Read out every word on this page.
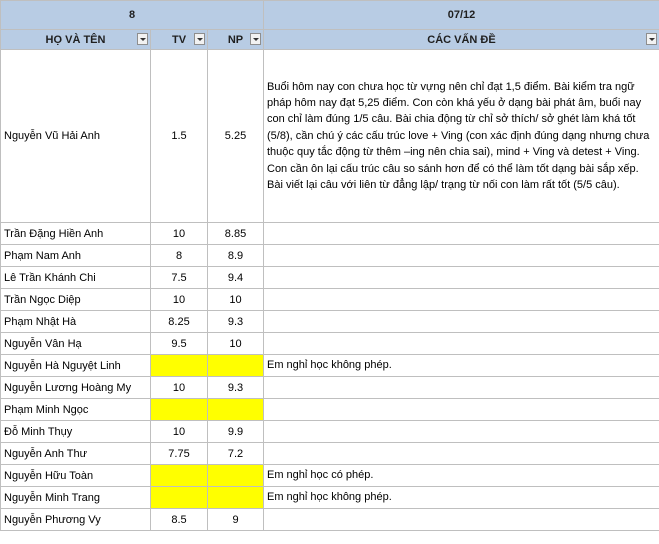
8			07/12
HỌ VÀ TÊN	TV	NP	CÁC VẤN ĐỀ

Nguyễn Vũ Hải Anh	1.5	5.25	Buổi hôm nay con chưa học từ vựng nên chỉ đạt 1,5 điểm. Bài kiểm tra ngữ pháp hôm nay đạt 5,25 điểm. Con còn khá yếu ở dạng bài phát âm, buổi nay con chỉ làm đúng 1/5 câu. Bài chia động từ chỉ sở thích/ sở ghét làm khá tốt (5/8), cần chú ý các cấu trúc love + Ving (con xác định đúng dạng nhưng chưa thuộc quy tắc động từ thêm –ing nên chia sai), mind + Ving và detest + Ving. Con cần ôn lại cấu trúc câu so sánh hơn để có thể làm tốt dạng bài sắp xếp. Bài viết lại câu với liên từ đẳng lập/ trạng từ nối con làm rất tốt (5/5 câu).
Trần Đặng Hiền Anh	10	8.85	
Phạm Nam Anh	8	8.9	
Lê Trần Khánh Chi	7.5	9.4	
Trần Ngọc Diệp	10	10	
Phạm Nhật Hà	8.25	9.3	
Nguyễn Vân Hạ	9.5	10	
Nguyễn Hà Nguyệt Linh			Em nghỉ học không phép.
Nguyễn Lương Hoàng My	10	9.3	
Phạm Minh Ngọc			
Đỗ Minh Thụy	10	9.9	
Nguyễn Anh Thư	7.75	7.2	
Nguyễn Hữu Toàn			Em nghỉ học có phép.
Nguyễn Minh Trang			Em nghỉ học không phép.
Nguyễn Phương Vy	8.5	9	
